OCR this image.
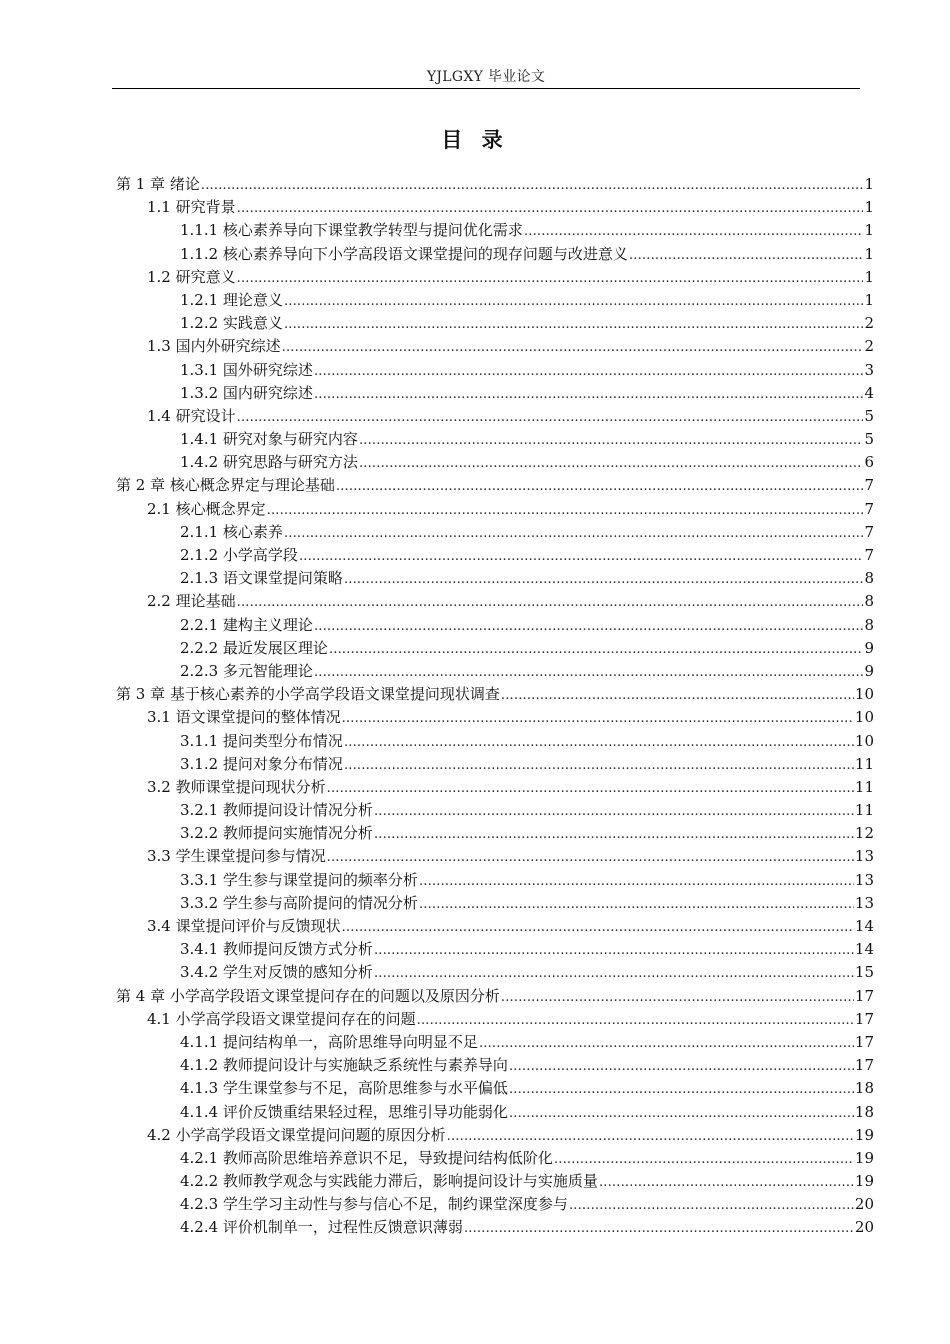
YJLGXY 毕业论文
目 录
第 1 章 绪论 .....	1
1.1 研究背景 .....	1
1.1.1 核心素养导向下课堂教学转型与提问优化需求 .....	1
1.1.2 核心素养导向下小学高段语文课堂提问的现存问题与改进意义 .....	1
1.2 研究意义 .....	1
1.2.1 理论意义 .....	1
1.2.2 实践意义 .....	2
1.3 国内外研究综述 .....	2
1.3.1 国外研究综述 .....	3
1.3.2 国内研究综述 .....	4
1.4 研究设计 .....	5
1.4.1 研究对象与研究内容 .....	5
1.4.2 研究思路与研究方法 .....	6
第 2 章 核心概念界定与理论基础 .....	7
2.1 核心概念界定 .....	7
2.1.1 核心素养 .....	7
2.1.2 小学高学段 .....	7
2.1.3 语文课堂提问策略 .....	8
2.2 理论基础 .....	8
2.2.1 建构主义理论 .....	8
2.2.2 最近发展区理论 .....	9
2.2.3 多元智能理论 .....	9
第 3 章 基于核心素养的小学高学段语文课堂提问现状调查 .....	10
3.1 语文课堂提问的整体情况 .....	10
3.1.1 提问类型分布情况 .....	10
3.1.2 提问对象分布情况 .....	11
3.2 教师课堂提问现状分析 .....	11
3.2.1 教师提问设计情况分析 .....	11
3.2.2 教师提问实施情况分析 .....	12
3.3 学生课堂提问参与情况 .....	13
3.3.1 学生参与课堂提问的频率分析 .....	13
3.3.2 学生参与高阶提问的情况分析 .....	13
3.4 课堂提问评价与反馈现状 .....	14
3.4.1 教师提问反馈方式分析 .....	14
3.4.2 学生对反馈的感知分析 .....	15
第 4 章 小学高学段语文课堂提问存在的问题以及原因分析 .....	17
4.1 小学高学段语文课堂提问存在的问题 .....	17
4.1.1 提问结构单一，高阶思维导向明显不足 .....	17
4.1.2 教师提问设计与实施缺乏系统性与素养导向 .....	17
4.1.3 学生课堂参与不足，高阶思维参与水平偏低 .....	18
4.1.4 评价反馈重结果轻过程，思维引导功能弱化 .....	18
4.2 小学高学段语文课堂提问问题的原因分析 .....	19
4.2.1 教师高阶思维培养意识不足，导致提问结构低阶化 .....	19
4.2.2 教师教学观念与实践能力滞后，影响提问设计与实施质量 .....	19
4.2.3 学生学习主动性与参与信心不足，制约课堂深度参与 .....	20
4.2.4 评价机制单一，过程性反馈意识薄弱 .....	20
